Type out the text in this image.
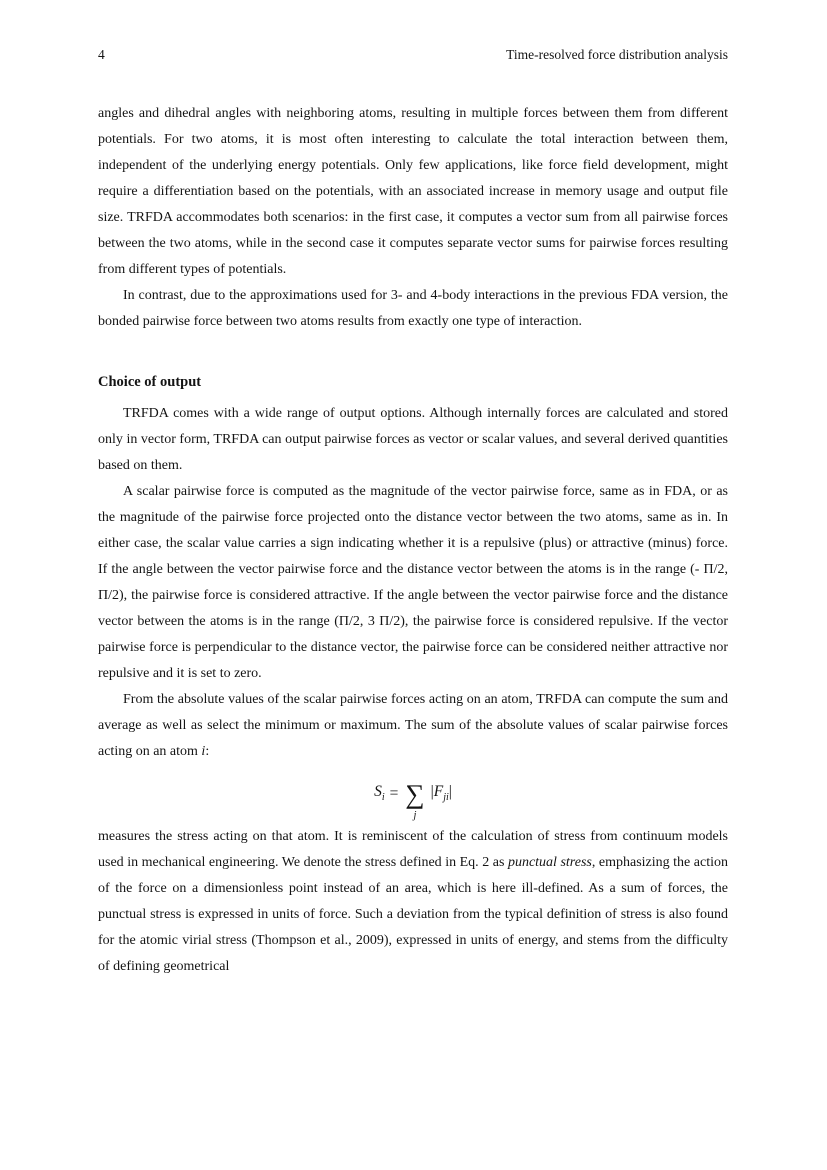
4	Time-resolved force distribution analysis

angles and dihedral angles with neighboring atoms, resulting in multiple forces between them from different potentials. For two atoms, it is most often interesting to calculate the total interaction between them, independent of the underlying energy potentials. Only few applications, like force field development, might require a differentiation based on the potentials, with an associated increase in memory usage and output file size. TRFDA accommodates both scenarios: in the first case, it computes a vector sum from all pairwise forces between the two atoms, while in the second case it computes separate vector sums for pairwise forces resulting from different types of potentials.

In contrast, due to the approximations used for 3- and 4-body interactions in the previous FDA version, the bonded pairwise force between two atoms results from exactly one type of interaction.

Choice of output

TRFDA comes with a wide range of output options. Although internally forces are calculated and stored only in vector form, TRFDA can output pairwise forces as vector or scalar values, and several derived quantities based on them.

A scalar pairwise force is computed as the magnitude of the vector pairwise force, same as in FDA, or as the magnitude of the pairwise force projected onto the distance vector between the two atoms, same as in. In either case, the scalar value carries a sign indicating whether it is a repulsive (plus) or attractive (minus) force. If the angle between the vector pairwise force and the distance vector between the atoms is in the range (- Π/2, Π/2), the pairwise force is considered attractive. If the angle between the vector pairwise force and the distance vector between the atoms is in the range (Π/2, 3 Π/2), the pairwise force is considered repulsive. If the vector pairwise force is perpendicular to the distance vector, the pairwise force can be considered neither attractive nor repulsive and it is set to zero.

From the absolute values of the scalar pairwise forces acting on an atom, TRFDA can compute the sum and average as well as select the minimum or maximum. The sum of the absolute values of scalar pairwise forces acting on an atom i:

$S_i$ = ∑
j
$|F_{ji}|$

measures the stress acting on that atom. It is reminiscent of the calculation of stress from continuum models used in mechanical engineering. We denote the stress defined in Eq. 2 as punctual stress, emphasizing the action of the force on a dimensionless point instead of an area, which is here ill-defined. As a sum of forces, the punctual stress is expressed in units of force. Such a deviation from the typical definition of stress is also found for the atomic virial stress (Thompson et al., 2009), expressed in units of energy, and stems from the difficulty of defining geometrical
